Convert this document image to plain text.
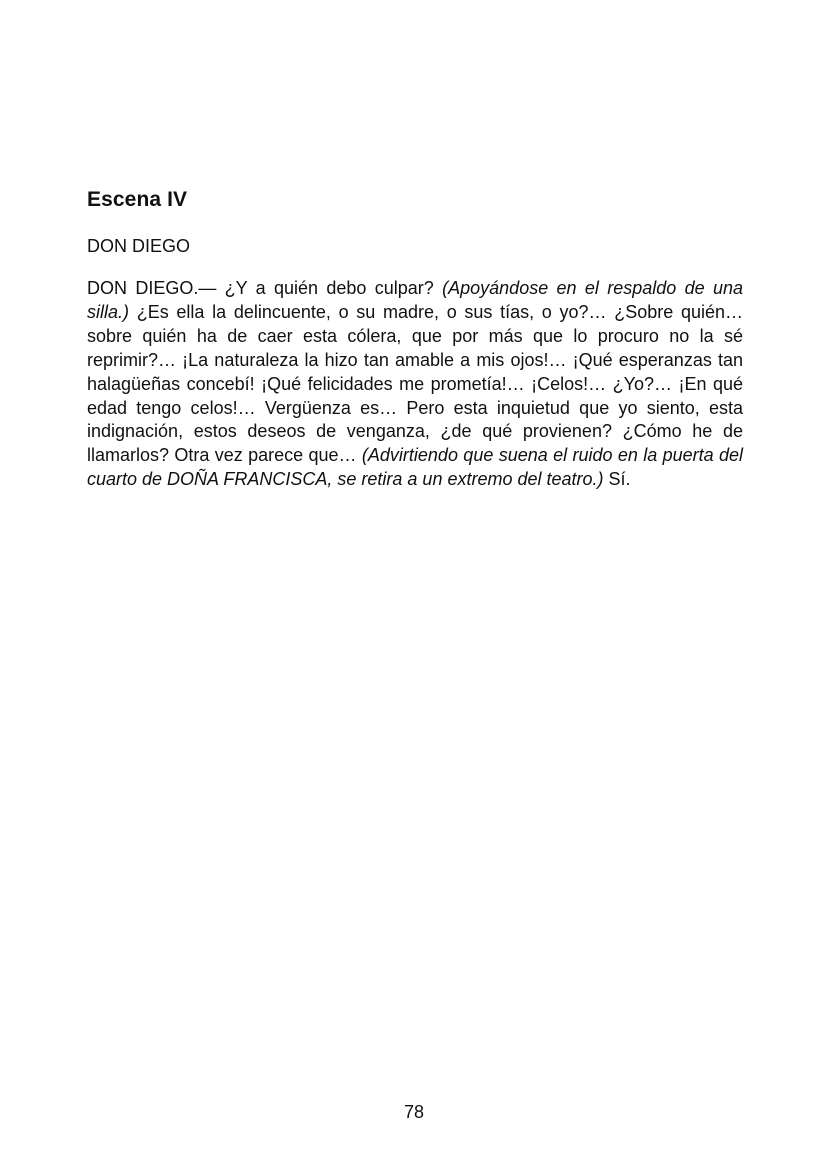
Escena IV

DON DIEGO

DON DIEGO.— ¿Y a quién debo culpar? (Apoyándose en el respaldo de una silla.) ¿Es ella la delincuente, o su madre, o sus tías, o yo?… ¿Sobre quién… sobre quién ha de caer esta cólera, que por más que lo procuro no la sé reprimir?… ¡La naturaleza la hizo tan amable a mis ojos!… ¡Qué esperanzas tan halagüeñas concebí! ¡Qué felicidades me prometía!… ¡Celos!… ¿Yo?… ¡En qué edad tengo celos!… Vergüenza es… Pero esta inquietud que yo siento, esta indignación, estos deseos de venganza, ¿de qué provienen? ¿Cómo he de llamarlos? Otra vez parece que… (Advirtiendo que suena el ruido en la puerta del cuarto de DOÑA FRANCISCA, se retira a un extremo del teatro.) Sí.

78
